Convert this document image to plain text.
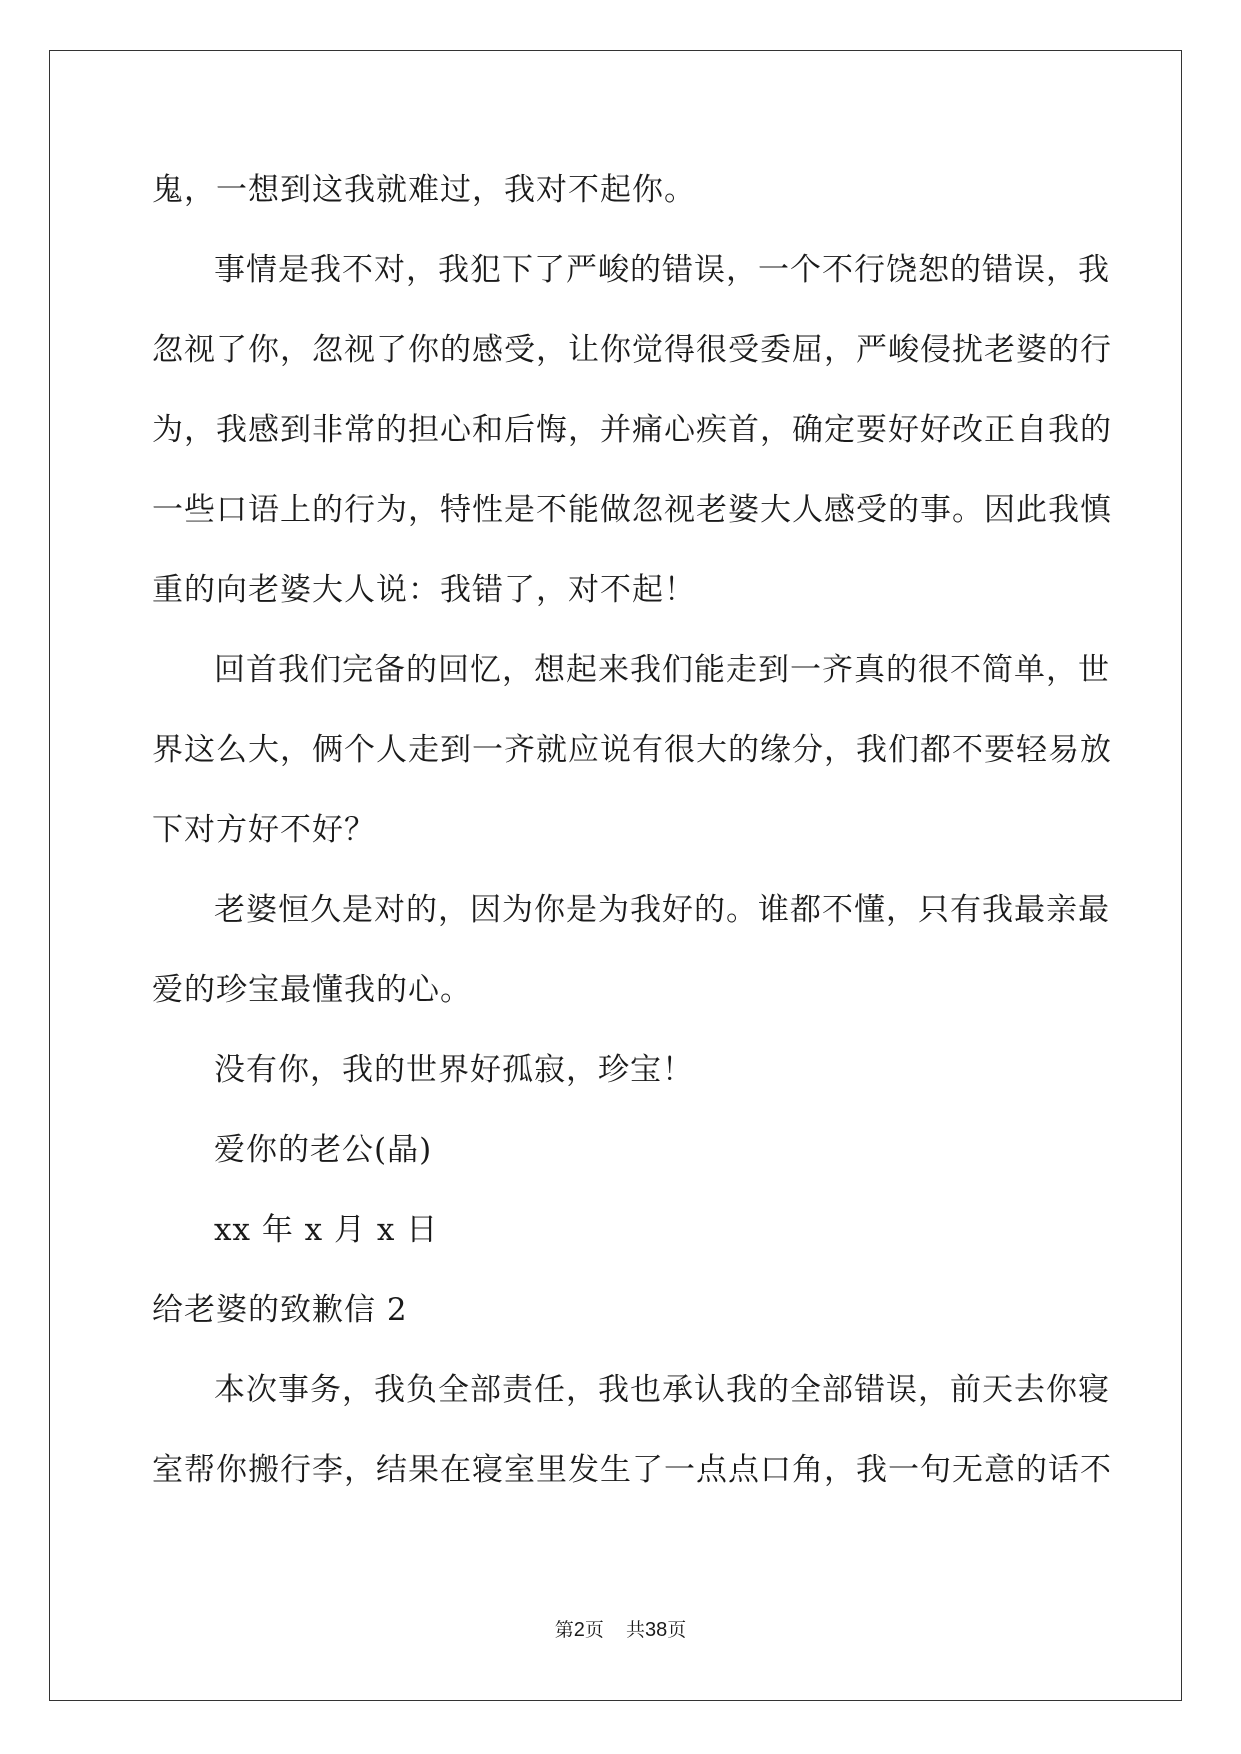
鬼，一想到这我就难过，我对不起你。
事 情 是 我 不 对 ， 我 犯 下 了 严 峻 的 错 误 ， 一 个 不 行 饶 恕 的 错 误 ， 我
忽 视 了 你 ， 忽 视 了 你 的 感 受 ， 让 你 觉 得 很 受 委 屈 ， 严 峻 侵 扰 老 婆 的 行
为 ， 我 感 到 非 常 的 担 心 和 后 悔 ， 并 痛 心 疾 首 ， 确 定 要 好 好 改 正 自 我 的
一 些 口 语 上 的 行 为 ， 特 性 是 不 能 做 忽 视 老 婆 大 人 感 受 的 事 。 因 此 我 慎
重的向老婆大人说：我错了，对不起！
回 首 我 们 完 备 的 回 忆 ， 想 起 来 我 们 能 走 到 一 齐 真 的 很 不 简 单 ， 世
界 这 么 大 ， 俩 个 人 走 到 一 齐 就 应 说 有 很 大 的 缘 分 ， 我 们 都 不 要 轻 易 放
下对方好不好？
老 婆 恒 久 是 对 的 ， 因 为 你 是 为 我 好 的 。 谁 都 不 懂 ， 只 有 我 最 亲 最
爱的珍宝最懂我的心。
没有你，我的世界好孤寂，珍宝！
爱你的老公(晶)
xx 年 x 月 x 日
给老婆的致歉信 2
本 次 事 务 ， 我 负 全 部 责 任 ， 我 也 承 认 我 的 全 部 错 误 ， 前 天 去 你 寝
室 帮 你 搬 行 李 ， 结 果 在 寝 室 里 发 生 了 一 点 点 口 角 ， 我 一 句 无 意 的 话 不
第2页 共38页
